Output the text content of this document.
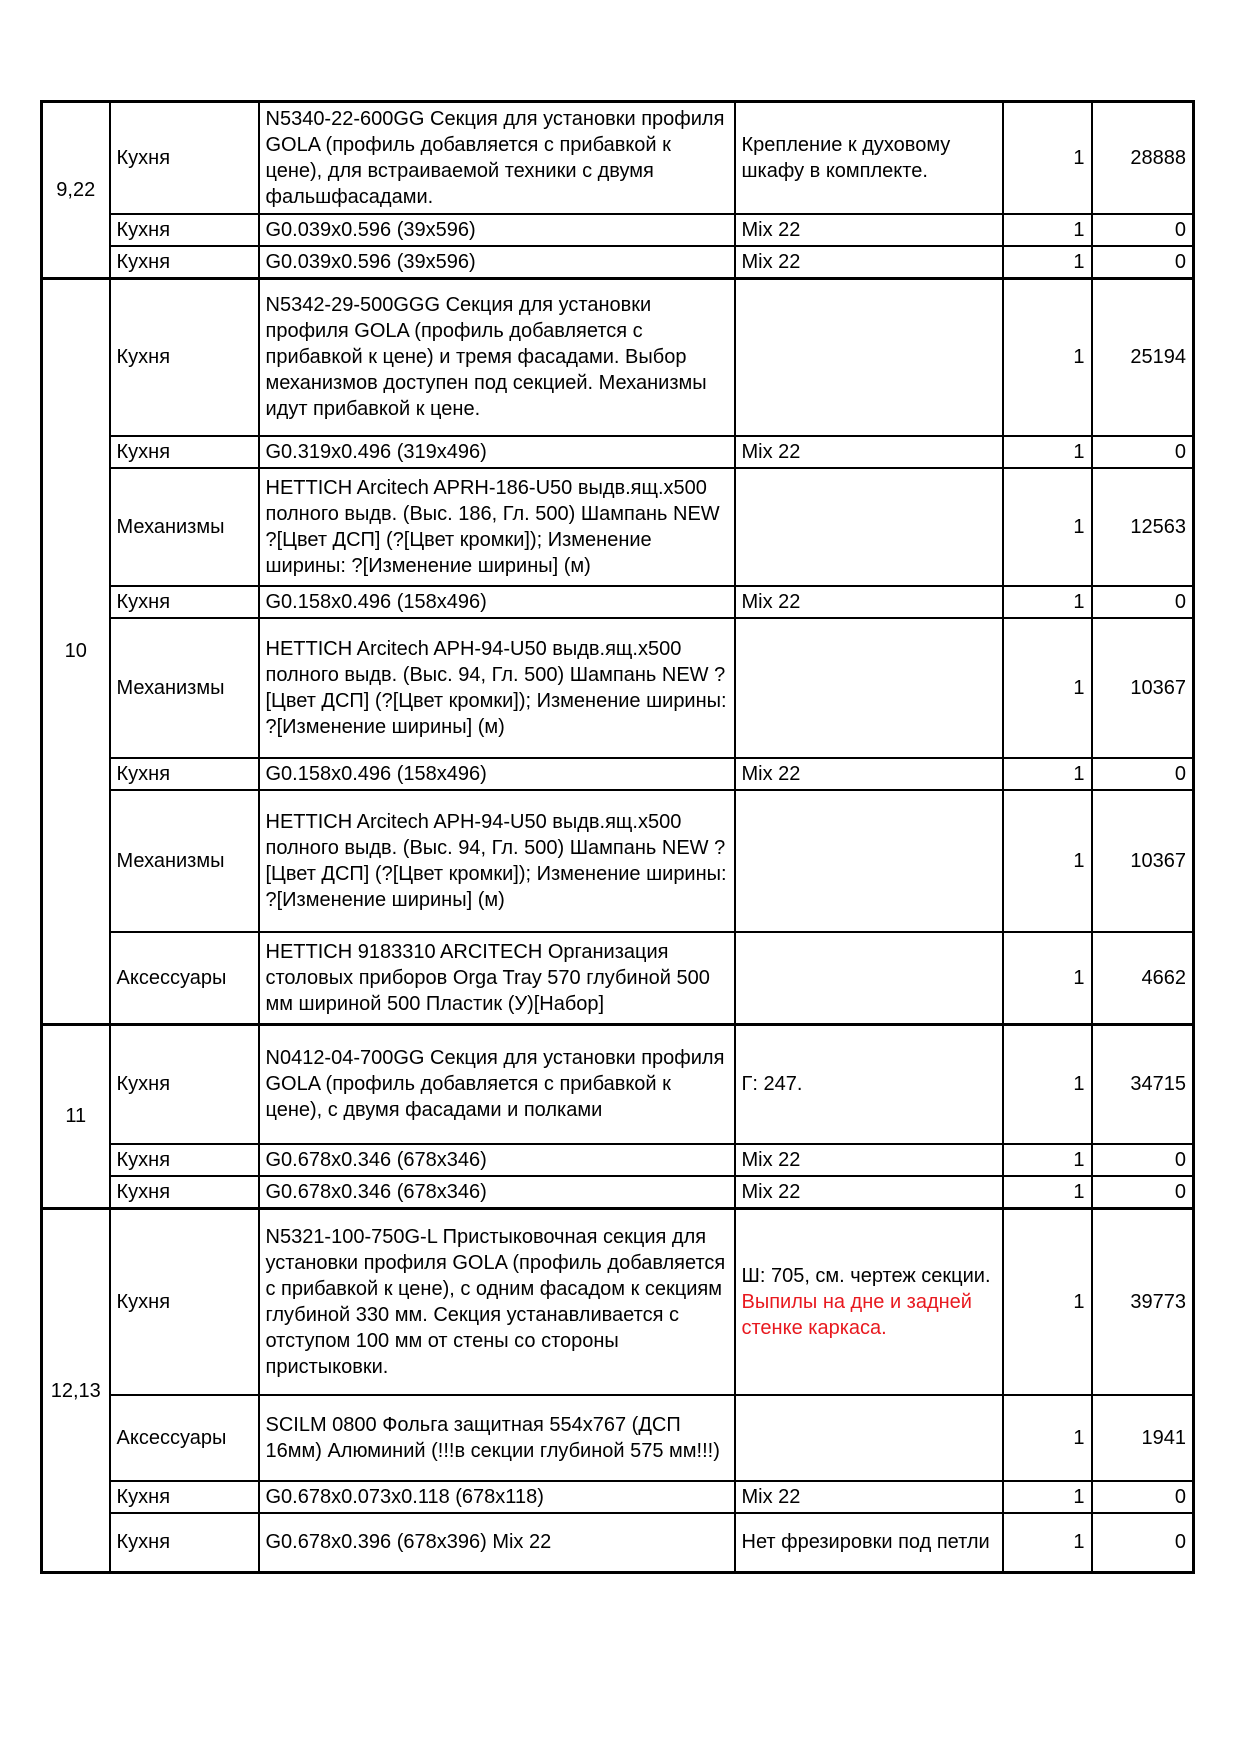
9,22	Кухня	N5340-22-600GG Секция для установки профиля GOLA (профиль добавляется с прибавкой к цене), для встраиваемой техники с двумя фальшфасадами.	Крепление к духовому шкафу в комплекте.	1	28888
	Кухня	G0.039x0.596 (39x596)	Mix 22	1	0
	Кухня	G0.039x0.596 (39x596)	Mix 22	1	0
10	Кухня	N5342-29-500GGG Секция для установки профиля GOLA (профиль добавляется с прибавкой к цене) и тремя фасадами. Выбор механизмов доступен под секцией. Механизмы идут прибавкой к цене.		1	25194
	Кухня	G0.319x0.496 (319x496)	Mix 22	1	0
	Механизмы	HETTICH Arcitech APRH-186-U50 выдв.ящ.х500 полного выдв. (Выс. 186, Гл. 500) Шампань NEW ?[Цвет ДСП] (?[Цвет кромки]); Изменение ширины: ?[Изменение ширины] (м)		1	12563
	Кухня	G0.158x0.496 (158x496)	Mix 22	1	0
	Механизмы	HETTICH Arcitech APH-94-U50 выдв.ящ.х500 полного выдв. (Выс. 94, Гл. 500) Шампань NEW ?[Цвет ДСП] (?[Цвет кромки]); Изменение ширины: ?[Изменение ширины] (м)		1	10367
	Кухня	G0.158x0.496 (158x496)	Mix 22	1	0
	Механизмы	HETTICH Arcitech APH-94-U50 выдв.ящ.х500 полного выдв. (Выс. 94, Гл. 500) Шампань NEW ?[Цвет ДСП] (?[Цвет кромки]); Изменение ширины: ?[Изменение ширины] (м)		1	10367
	Аксессуары	HETTICH 9183310 ARCITECH Организация столовых приборов Orga Tray 570 глубиной 500 мм шириной 500 Пластик (У)[Набор]		1	4662
11	Кухня	N0412-04-700GG Секция для установки профиля GOLA (профиль добавляется с прибавкой к цене), с двумя фасадами и полками	Г: 247.	1	34715
	Кухня	G0.678x0.346 (678x346)	Mix 22	1	0
	Кухня	G0.678x0.346 (678x346)	Mix 22	1	0
12,13	Кухня	N5321-100-750G-L Пристыковочная секция для установки профиля GOLA (профиль добавляется с прибавкой к цене), с одним фасадом к секциям глубиной 330 мм. Секция устанавливается с отступом 100 мм от стены со стороны пристыковки.	Ш: 705, см. чертеж секции. Выпилы на дне и задней стенке каркаса.	1	39773
	Аксессуары	SCILM 0800 Фольга защитная 554х767 (ДСП 16мм) Алюминий (!!!в секции глубиной 575 мм!!!)		1	1941
	Кухня	G0.678x0.073x0.118 (678x118)	Mix 22	1	0
	Кухня	G0.678x0.396 (678x396) Mix 22	Нет фрезировки под петли	1	0
